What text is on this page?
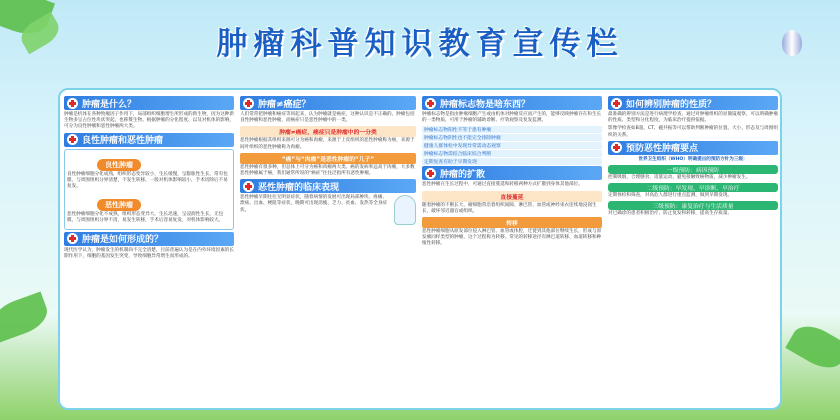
肿瘤科普知识教育宣传栏
肿瘤是什么？
肿瘤是机体在各种致瘤因子作用下，局部组织细胞增生所形成的新生物，因为这种新生物多呈占位性块状突起，也称赘生物。根据肿瘤的分化程度、以及对机体的影响，可分为良性肿瘤和恶性肿瘤两大类。
良性肿瘤和恶性肿瘤
良性肿瘤
良性肿瘤细胞分化成熟，组织形态变异较小，生长缓慢，呈膨胀性生长，常有包膜，与周围组织分界清楚，不发生转移，一般对机体影响较小，手术切除后不易复发。
恶性肿瘤
恶性肿瘤细胞分化不成熟，组织形态变异大，生长迅速，呈浸润性生长，无包膜，与周围组织分界不清，易发生转移，手术后容易复发，对机体影响较大。
肿瘤是如何形成的？
现代医学认为，肿瘤发生的机制尚不完全清楚，目前普遍认为是在内外环境因素的长期作用下，细胞的基因发生突变，导致细胞异常增生而形成的。
肿瘤≠癌症？
人们常常把肿瘤和癌症等同起来，认为肿瘤就是癌症，这种认识是不正确的。肿瘤包括良性肿瘤和恶性肿瘤，而癌症只是恶性肿瘤中的一类。
肿瘤≠癌症，癌症只是肿瘤中的一分类
恶性肿瘤根据其组织来源可分为癌和肉瘤，来源于上皮组织的恶性肿瘤称为癌，来源于间叶组织的恶性肿瘤称为肉瘤。
“癌”与“肉瘤”是恶性肿瘤的“儿子”
恶性肿瘤有很多种，但总体上可分为癌和肉瘤两大类。癌的发病率远高于肉瘤，大多数恶性肿瘤属于癌，我们通常所说的“癌症”往往泛指所有恶性肿瘤。
恶性肿瘤的临床表现
恶性肿瘤早期往往无明显症状，随着病情的发展可出现局部肿块、疼痛、溃疡、出血、梗阻等症状，晚期可出现消瘦、乏力、贫血、发热等全身症状。
肿瘤标志物是啥东西？
肿瘤标志物是指由肿瘤细胞产生或由机体对肿瘤反应而产生的，能够反映肿瘤存在和生长的一类物质，可用于肿瘤的辅助诊断、疗效观察及复发监测。
肿瘤标志物阳性不等于患有肿瘤
肿瘤标志物阴性也不能完全排除肿瘤
健康人群体检中发现异常需动态观察
肿瘤标志物需结合临床综合判断
定期复查有助于早期发现
肿瘤的扩散
恶性肿瘤在生长过程中，可通过直接蔓延和转移两种方式扩散到身体其他部位。
直接蔓延
随着肿瘤的不断长大，瘤细胞常沿着组织间隙、淋巴管、血管或神经束衣连续地浸润生长，破坏邻近器官或组织。
转移
恶性肿瘤细胞从原发部位侵入淋巴管、血管或体腔，迁徙到其他部位继续生长，形成与原发瘤同样类型的肿瘤，这个过程称为转移。常见的转移途径有淋巴道转移、血道转移和种植性转移。
如何辨别肿瘤的性质？
最准确的辨别方法是进行病理学检查，通过对肿瘤组织的显微镜观察，可以明确肿瘤的性质、类型和分化程度，为临床治疗提供依据。
影像学检查如B超、CT、磁共振等可以帮助判断肿瘤的位置、大小、形态及与周围组织的关系。
预防恶性肿瘤要点
世界卫生组织（WHO）明确提出的预防方针为三级：
一级预防：病因预防
控制吸烟、合理膳食、适量运动、避免接触致癌物质，减少肿瘤发生。
二级预防：早发现、早诊断、早治疗
定期体检和筛查，对高危人群进行重点监测，做到早期发现。
三级预防：康复治疗与生活质量
对已确诊的患者积极治疗，防止复发和转移，提高生存质量。
